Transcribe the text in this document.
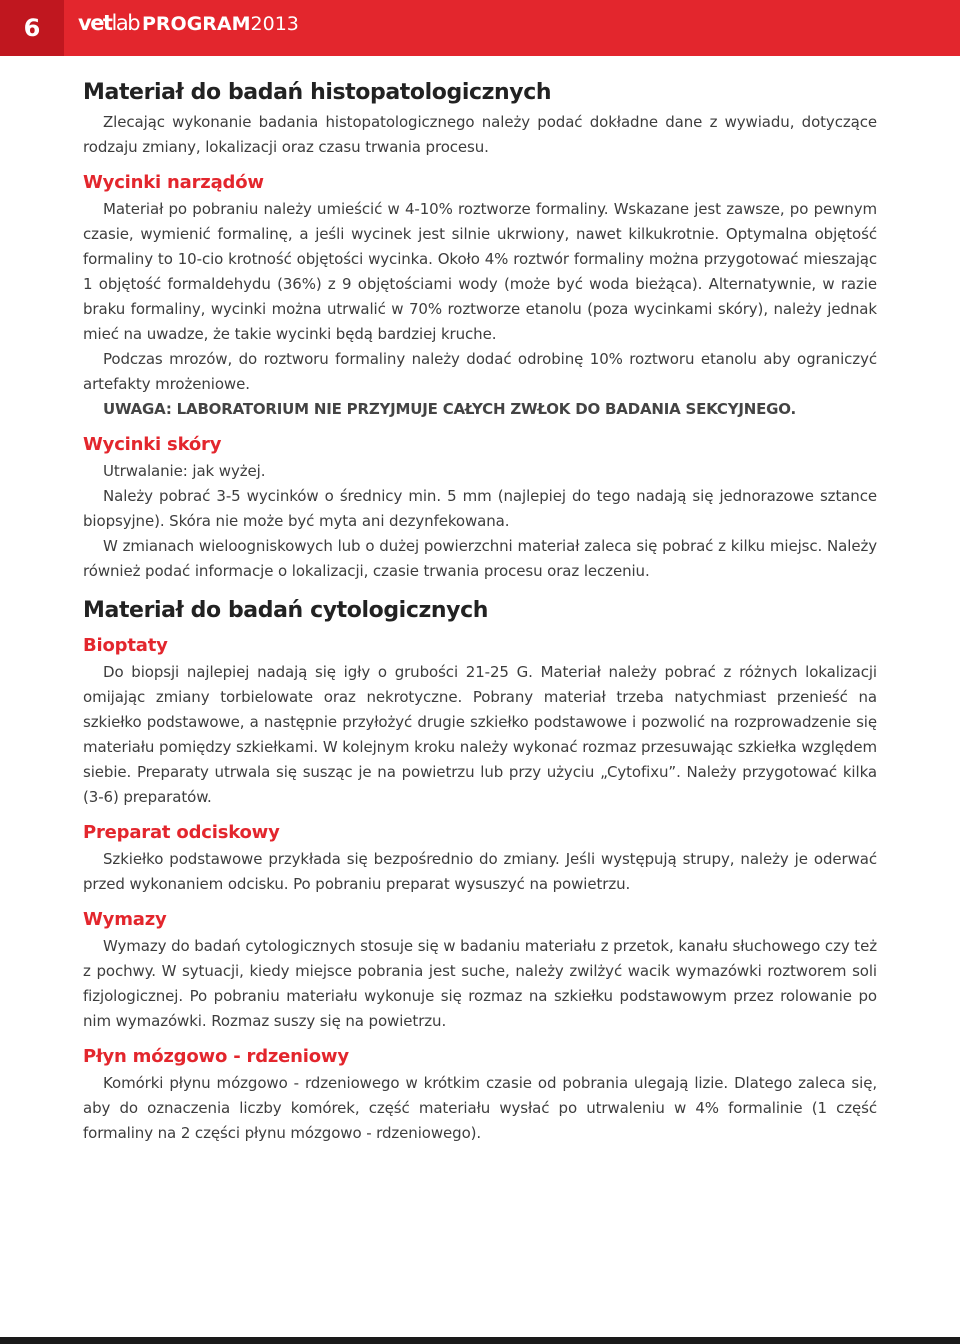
6	vetlab PROGRAM2013
Materiał do badań histopatologicznych

Zlecając wykonanie badania histopatologicznego należy podać dokładne dane z wywiadu, dotyczące rodzaju zmiany, lokalizacji oraz czasu trwania procesu.

Wycinki narządów

Materiał po pobraniu należy umieścić w 4-10% roztworze formaliny. Wskazane jest zawsze, po pewnym czasie, wymienić formalinę, a jeśli wycinek jest silnie ukrwiony, nawet kilkukrotnie. Optymalna objętość formaliny to 10-cio krotność objętości wycinka. Około 4% roztwór formaliny można przygotować mieszając 1 objętość formaldehydu (36%) z 9 objętościami wody (może być woda bieżąca). Alternatywnie, w razie braku formaliny, wycinki można utrwalić w 70% roztworze etanolu (poza wycinkami skóry), należy jednak mieć na uwadze, że takie wycinki będą bardziej kruche.

Podczas mrozów, do roztworu formaliny należy dodać odrobinę 10% roztworu etanolu aby ograniczyć artefakty mrożeniowe.

UWAGA: LABORATORIUM NIE PRZYJMUJE CAŁYCH ZWŁOK DO BADANIA SEKCYJNEGO.

Wycinki skóry

Utrwalanie: jak wyżej.

Należy pobrać 3-5 wycinków o średnicy min. 5 mm (najlepiej do tego nadają się jednorazowe sztance biopsyjne). Skóra nie może być myta ani dezynfekowana.

W zmianach wieloogniskowych lub o dużej powierzchni materiał zaleca się pobrać z kilku miejsc. Należy również podać informacje o lokalizacji, czasie trwania procesu oraz leczeniu.

Materiał do badań cytologicznych
Bioptaty

Do biopsji najlepiej nadają się igły o grubości 21-25 G. Materiał należy pobrać z różnych lokalizacji omijając zmiany torbielowate oraz nekrotyczne. Pobrany materiał trzeba natychmiast przenieść na szkiełko podstawowe, a następnie przyłożyć drugie szkiełko podstawowe i pozwolić na rozprowadzenie się materiału pomiędzy szkiełkami. W kolejnym kroku należy wykonać rozmaz przesuwając szkiełka względem siebie. Preparaty utrwala się susząc je na powietrzu lub przy użyciu „Cytofixu”. Należy przygotować kilka (3-6) preparatów.

Preparat odciskowy

Szkiełko podstawowe przykłada się bezpośrednio do zmiany. Jeśli występują strupy, należy je oderwać przed wykonaniem odcisku. Po pobraniu preparat wysuszyć na powietrzu.

Wymazy

Wymazy do badań cytologicznych stosuje się w badaniu materiału z przetok, kanału słuchowego czy też z pochwy. W sytuacji, kiedy miejsce pobrania jest suche, należy zwilżyć wacik wymazówki roztworem soli fizjologicznej. Po pobraniu materiału wykonuje się rozmaz na szkiełku podstawowym przez rolowanie po nim wymazówki. Rozmaz suszy się na powietrzu.

Płyn mózgowo - rdzeniowy

Komórki płynu mózgowo - rdzeniowego w krótkim czasie od pobrania ulegają lizie. Dlatego zaleca się, aby do oznaczenia liczby komórek, część materiału wysłać po utrwaleniu w 4% formalinie (1 część formaliny na 2 części płynu mózgowo - rdzeniowego).
